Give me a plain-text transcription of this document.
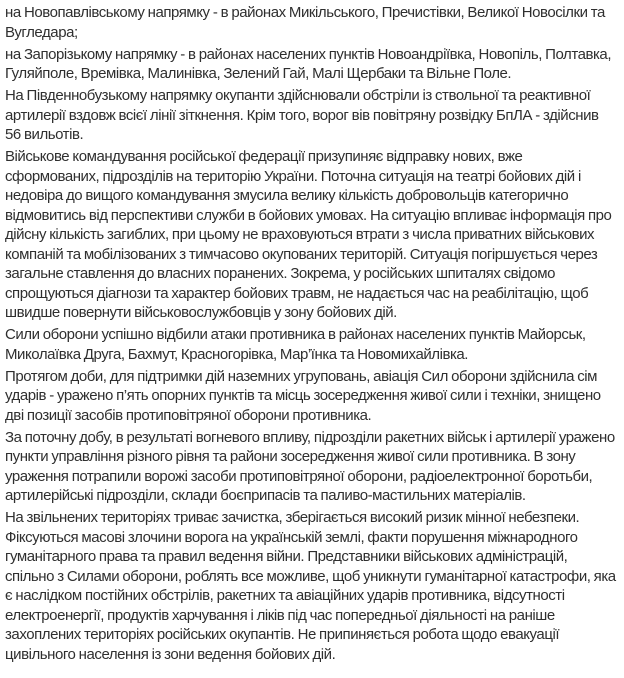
на Новопавлівському напрямку - в районах Микільського, Пречистівки, Великої Новосілки та Вугледара;

на Запорізькому напрямку - в районах населених пунктів Новоандріївка, Новопіль, Полтавка, Гуляйполе, Времівка, Малинівка, Зелений Гай, Малі Щербаки та Вільне Поле.

На Південнобузькому напрямку окупанти здійснювали обстріли із ствольної та реактивної артилерії вздовж всієї лінії зіткнення. Крім того, ворог вів повітряну розвідку БпЛА - здійснив 56 вильотів.

Військове командування російської федерації призупиняє відправку нових, вже сформованих, підрозділів на територію України. Поточна ситуація на театрі бойових дій і недовіра до вищого командування змусила велику кількість добровольців категорично відмовитись від перспективи служби в бойових умовах. На ситуацію впливає інформація про дійсну кількість загиблих, при цьому не враховуються втрати з числа приватних військових компаній та мобілізованих з тимчасово окупованих територій. Ситуація погіршується через загальне ставлення до власних поранених. Зокрема, у російських шпиталях свідомо спрощуються діагнози та характер бойових травм, не надається час на реабілітацію, щоб швидше повернути військовослужбовців у зону бойових дій.

Сили оборони успішно відбили атаки противника в районах населених пунктів Майорськ, Миколаївка Друга, Бахмут, Красногорівка, Мар’їнка та Новомихайлівка.

Протягом доби, для підтримки дій наземних угруповань, авіація Сил оборони здійснила сім ударів - уражено п’ять опорних пунктів та місць зосередження живої сили і техніки, знищено дві позиції засобів протиповітряної оборони противника.

За поточну добу, в результаті вогневого впливу, підрозділи ракетних військ і артилерії уражено пункти управління різного рівня та райони зосередження живої сили противника. В зону ураження потрапили ворожі засоби протиповітряної оборони, радіоелектронної боротьби, артилерійські підрозділи, склади боєприпасів та паливо-мастильних матеріалів.

На звільнених територіях триває зачистка, зберігається високий ризик мінної небезпеки. Фіксуються масові злочини ворога на українській землі, факти порушення міжнародного гуманітарного права та правил ведення війни. Представники військових адміністрацій, спільно з Силами оборони, роблять все можливе, щоб уникнути гуманітарної катастрофи, яка є наслідком постійних обстрілів, ракетних та авіаційних ударів противника, відсутності електроенергії, продуктів харчування і ліків під час попередньої діяльності на раніше захоплених територіях російських окупантів. Не припиняється робота щодо евакуації цивільного населення із зони ведення бойових дій.
